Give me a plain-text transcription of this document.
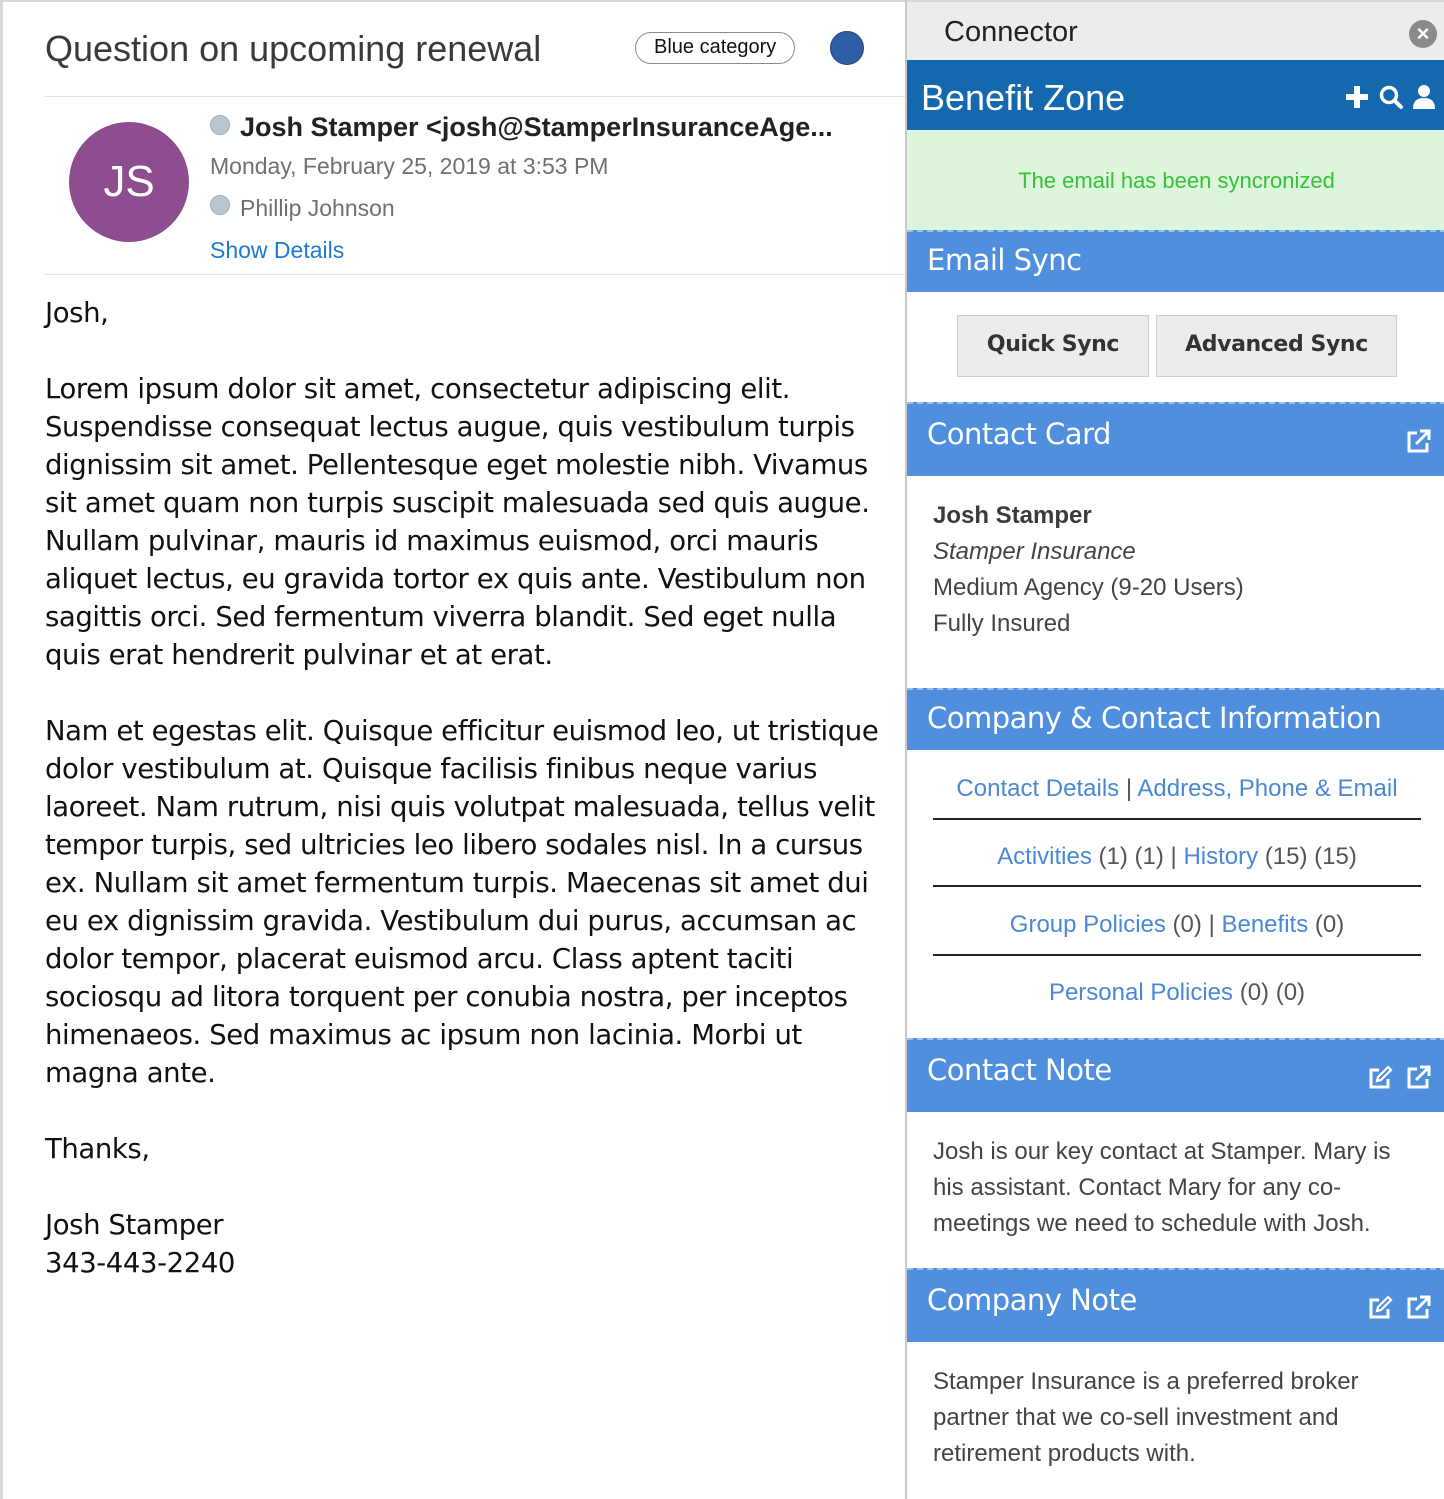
Question on upcoming renewal	Blue category
JS
Josh Stamper <josh@StamperInsuranceAge...
Monday, February 25, 2019 at 3:53 PM
Phillip Johnson
Show Details

Josh,

Lorem ipsum dolor sit amet, consectetur adipiscing elit. Suspendisse consequat lectus augue, quis vestibulum turpis dignissim sit amet. Pellentesque eget molestie nibh. Vivamus sit amet quam non turpis suscipit malesuada sed quis augue. Nullam pulvinar, mauris id maximus euismod, orci mauris aliquet lectus, eu gravida tortor ex quis ante. Vestibulum non sagittis orci. Sed fermentum viverra blandit. Sed eget nulla quis erat hendrerit pulvinar et at erat.

Nam et egestas elit. Quisque efficitur euismod leo, ut tristique dolor vestibulum at. Quisque facilisis finibus neque varius laoreet. Nam rutrum, nisi quis volutpat malesuada, tellus velit tempor turpis, sed ultricies leo libero sodales nisl. In a cursus ex. Nullam sit amet fermentum turpis. Maecenas sit amet dui eu ex dignissim gravida. Vestibulum dui purus, accumsan ac dolor tempor, placerat euismod arcu. Class aptent taciti sociosqu ad litora torquent per conubia nostra, per inceptos himenaeos. Sed maximus ac ipsum non lacinia. Morbi ut magna ante.

Thanks,

Josh Stamper

343-443-2240

Connector	×
Benefit Zone
The email has been syncronized
Email Sync
Quick Sync	Advanced Sync
Contact Card
Josh Stamper
Stamper Insurance
Medium Agency (9-20 Users)
Fully Insured
Company & Contact Information
Contact Details | Address, Phone & Email
Activities (1) (1) | History (15) (15)
Group Policies (0) | Benefits (0)
Personal Policies (0) (0)
Contact Note
Josh is our key contact at Stamper. Mary is his assistant. Contact Mary for any co-meetings we need to schedule with Josh.
Company Note
Stamper Insurance is a preferred broker partner that we co-sell investment and retirement products with.
